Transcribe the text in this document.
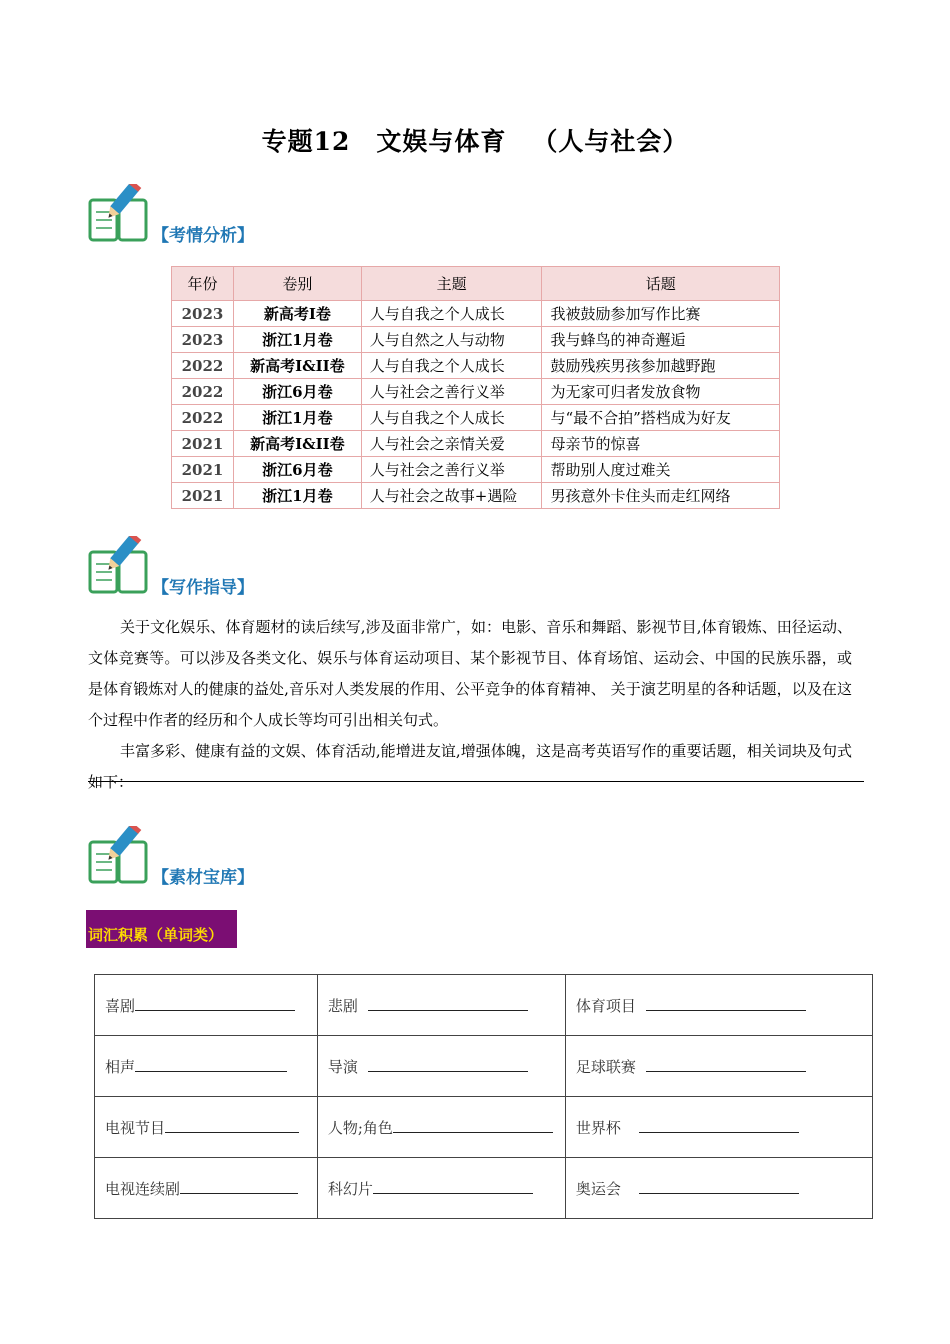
专题12 文娱与体育 （人与社会）
【考情分析】
年份	卷别	主题	话题
2023	新高考I卷	人与自我之个人成长	我被鼓励参加写作比赛
2023	浙江1月卷	人与自然之人与动物	我与蜂鸟的神奇邂逅
2022	新高考I&II卷	人与自我之个人成长	鼓励残疾男孩参加越野跑
2022	浙江6月卷	人与社会之善行义举	为无家可归者发放食物
2022	浙江1月卷	人与自我之个人成长	与“最不合拍”搭档成为好友
2021	新高考I&II卷	人与社会之亲情关爱	母亲节的惊喜
2021	浙江6月卷	人与社会之善行义举	帮助别人度过难关
2021	浙江1月卷	人与社会之故事+遇险	男孩意外卡住头而走红网络
【写作指导】

关于文化娱乐、体育题材的读后续写,涉及面非常广，如：电影、音乐和舞蹈、影视节目,体育锻炼、田径运动、文体竞赛等。可以涉及各类文化、娱乐与体育运动项目、某个影视节目、体育场馆、运动会、中国的民族乐器，或是体育锻炼对人的健康的益处,音乐对人类发展的作用、公平竞争的体育精神、 关于演艺明星的各种话题，以及在这个过程中作者的经历和个人成长等均可引出相关句式。

丰富多彩、健康有益的文娱、体育活动,能增进友谊,增强体魄，这是高考英语写作的重要话题，相关词块及句式如下：

【素材宝库】
词汇积累（单词类）
喜剧	悲剧	体育项目
相声	导演	足球联赛
电视节目	人物;角色	世界杯
电视连续剧	科幻片	奥运会
